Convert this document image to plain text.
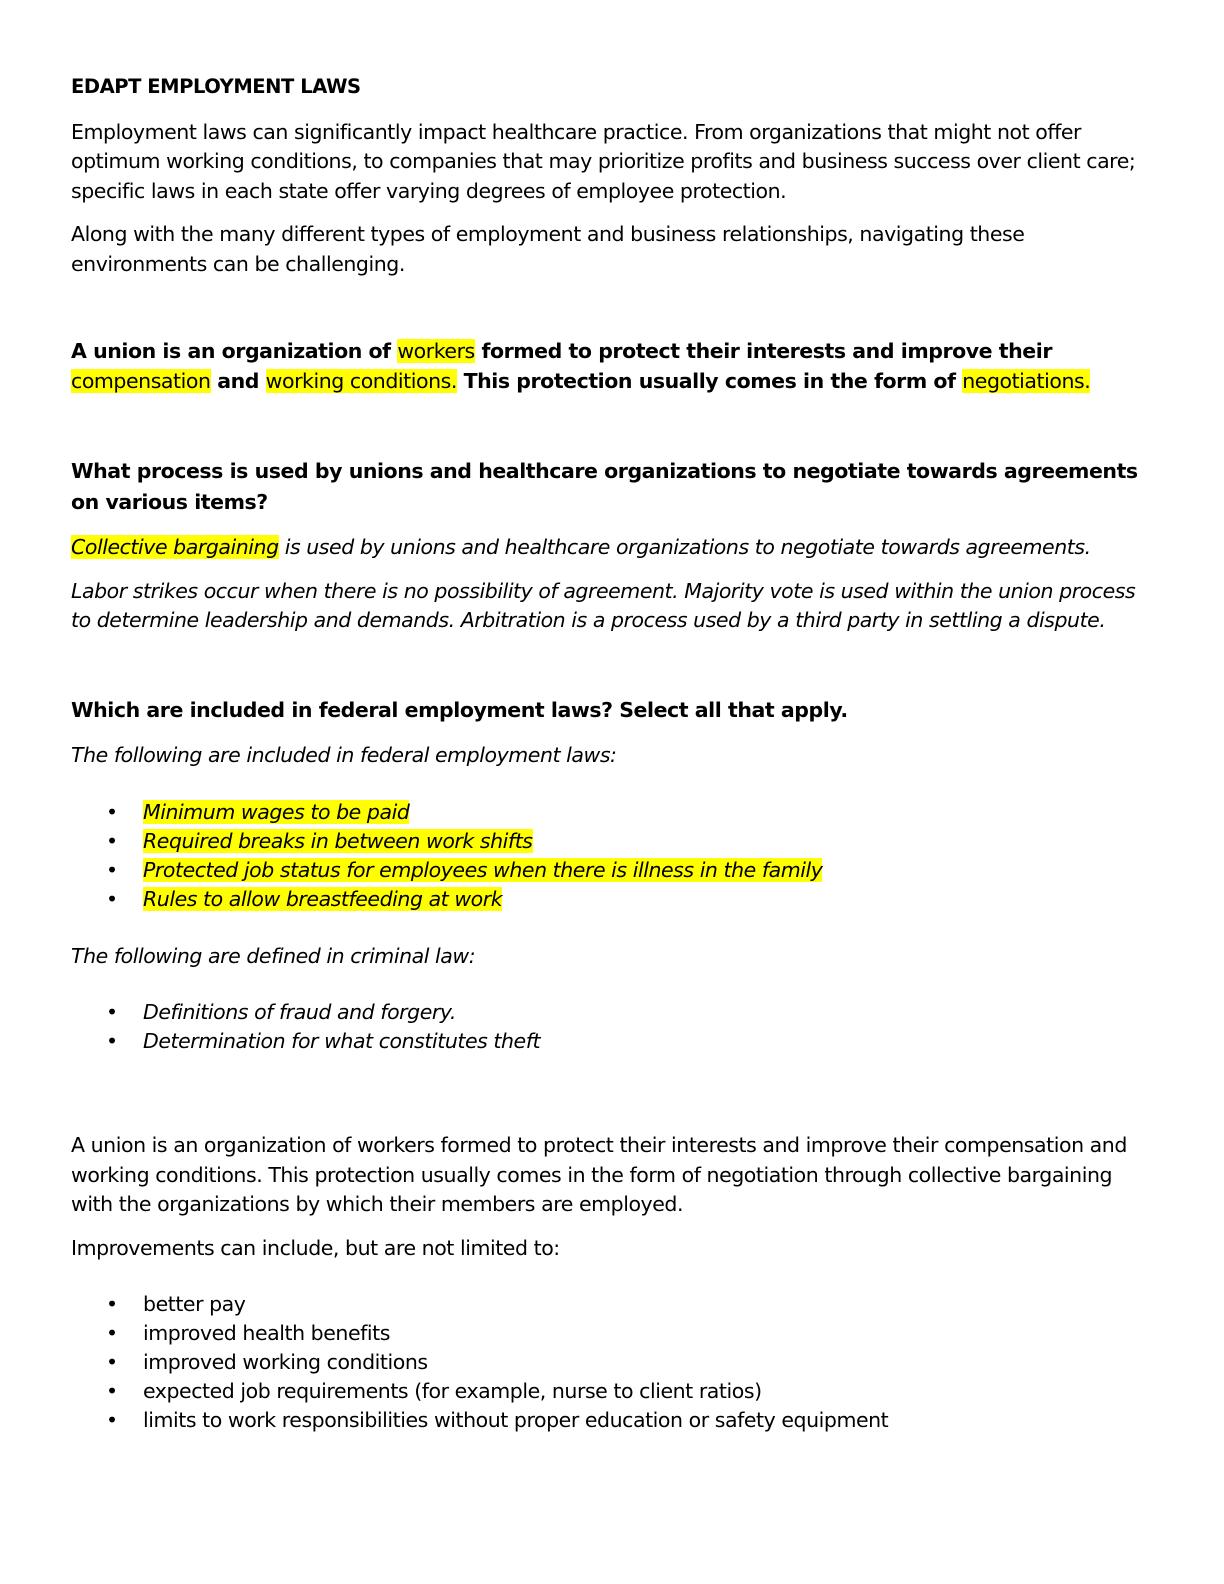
EDAPT EMPLOYMENT LAWS

Employment laws can significantly impact healthcare practice. From organizations that might not offer optimum working conditions, to companies that may prioritize profits and business success over client care; specific laws in each state offer varying degrees of employee protection.

Along with the many different types of employment and business relationships, navigating these environments can be challenging.

A union is an organization of workers formed to protect their interests and improve their compensation and working conditions. This protection usually comes in the form of negotiations.

What process is used by unions and healthcare organizations to negotiate towards agreements on various items?

Collective bargaining is used by unions and healthcare organizations to negotiate towards agreements.

Labor strikes occur when there is no possibility of agreement. Majority vote is used within the union process to determine leadership and demands. Arbitration is a process used by a third party in settling a dispute.

Which are included in federal employment laws? Select all that apply.

The following are included in federal employment laws:

• Minimum wages to be paid
• Required breaks in between work shifts
• Protected job status for employees when there is illness in the family
• Rules to allow breastfeeding at work

The following are defined in criminal law:

• Definitions of fraud and forgery.
• Determination for what constitutes theft

A union is an organization of workers formed to protect their interests and improve their compensation and working conditions. This protection usually comes in the form of negotiation through collective bargaining with the organizations by which their members are employed.

Improvements can include, but are not limited to:

• better pay
• improved health benefits
• improved working conditions
• expected job requirements (for example, nurse to client ratios)
• limits to work responsibilities without proper education or safety equipment
